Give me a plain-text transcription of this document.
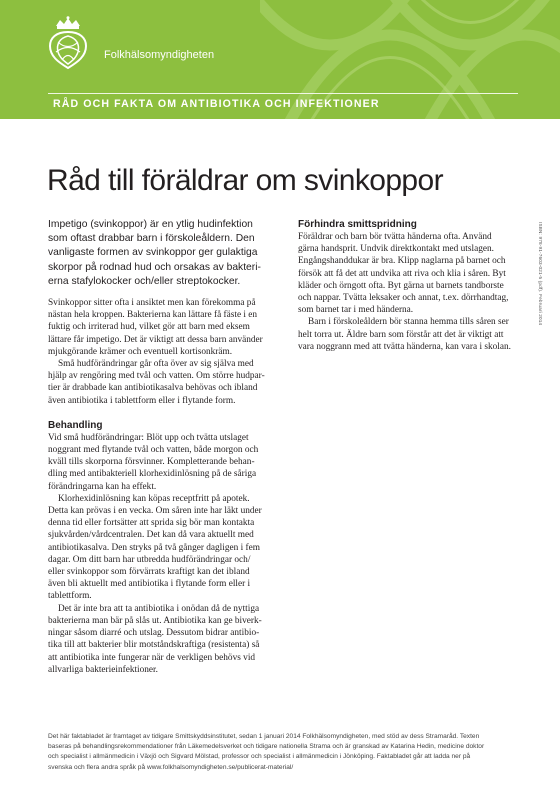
Folkhälsomyndigheten
RÅD OCH FAKTA OM ANTIBIOTIKA OCH INFEKTIONER
Råd till föräldrar om svinkoppor
Impetigo (svinkoppor) är en ytlig hudinfektion
som oftast drabbar barn i förskoleåldern. Den
vanligaste formen av svinkoppor ger gulaktiga
skorpor på rodnad hud och orsakas av bakteri-
erna stafylokocker och/eller streptokocker.
Svinkoppor sitter ofta i ansiktet men kan förekomma på
nästan hela kroppen. Bakterierna kan lättare få fäste i en
fuktig och irriterad hud, vilket gör att barn med eksem
lättare får impetigo. Det är viktigt att dessa barn använder
mjukgörande krämer och eventuell kortisonkräm.
Små hudförändringar går ofta över av sig själva med
hjälp av rengöring med tvål och vatten. Om större hudpar-
tier är drabbade kan antibiotikasalva behövas och ibland
även antibiotika i tablettform eller i flytande form.
Behandling
Vid små hudförändringar: Blöt upp och tvätta utslaget
noggrant med flytande tvål och vatten, både morgon och
kväll tills skorporna försvinner. Kompletterande behan-
dling med antibakteriell klorhexidinlösning på de såriga
förändringarna kan ha effekt.
Klorhexidinlösning kan köpas receptfritt på apotek.
Detta kan prövas i en vecka. Om såren inte har läkt under
denna tid eller fortsätter att sprida sig bör man kontakta
sjukvården/vårdcentralen. Det kan då vara aktuellt med
antibiotikasalva. Den stryks på två gånger dagligen i fem
dagar. Om ditt barn har utbredda hudförändringar och/
eller svinkoppor som förvärrats kraftigt kan det ibland
även bli aktuellt med antibiotika i flytande form eller i
tablettform.
Det är inte bra att ta antibiotika i onödan då de nyttiga
bakterierna man bär på slås ut. Antibiotika kan ge biverk-
ningar såsom diarré och utslag. Dessutom bidrar antibio-
tika till att bakterier blir motståndskraftiga (resistenta) så
att antibiotika inte fungerar när de verkligen behövs vid
allvarliga bakterieinfektioner.
Förhindra smittspridning
Föräldrar och barn bör tvätta händerna ofta. Använd
gärna handsprit. Undvik direktkontakt med utslagen.
Engångshanddukar är bra. Klipp naglarna på barnet och
försök att få det att undvika att riva och klia i såren. Byt
kläder och örngott ofta. Byt gärna ut barnets tandborste
och nappar. Tvätta leksaker och annat, t.ex. dörrhandtag,
som barnet tar i med händerna.
Barn i förskoleåldern bör stanna hemma tills såren ser
helt torra ut. Äldre barn som förstår att det är viktigt att
vara noggrann med att tvätta händerna, kan vara i skolan.
ISBN: 978-91-7603-021-5 (pdf). Februari 2014
Det här faktabladet är framtaget av tidigare Smittskyddsinstitutet, sedan 1 januari 2014 Folkhälsomyndigheten, med stöd av dess Stramaråd. Texten
baseras på behandlingsrekommendationer från Läkemedelsverket och tidigare nationella Strama och är granskad av Katarina Hedin, medicine doktor
och specialist i allmänmedicin i Växjö och Sigvard Mölstad, professor och specialist i allmänmedicin i Jönköping. Faktabladet går att ladda ner på
svenska och flera andra språk på www.folkhalsomyndigheten.se/publicerat-material/
